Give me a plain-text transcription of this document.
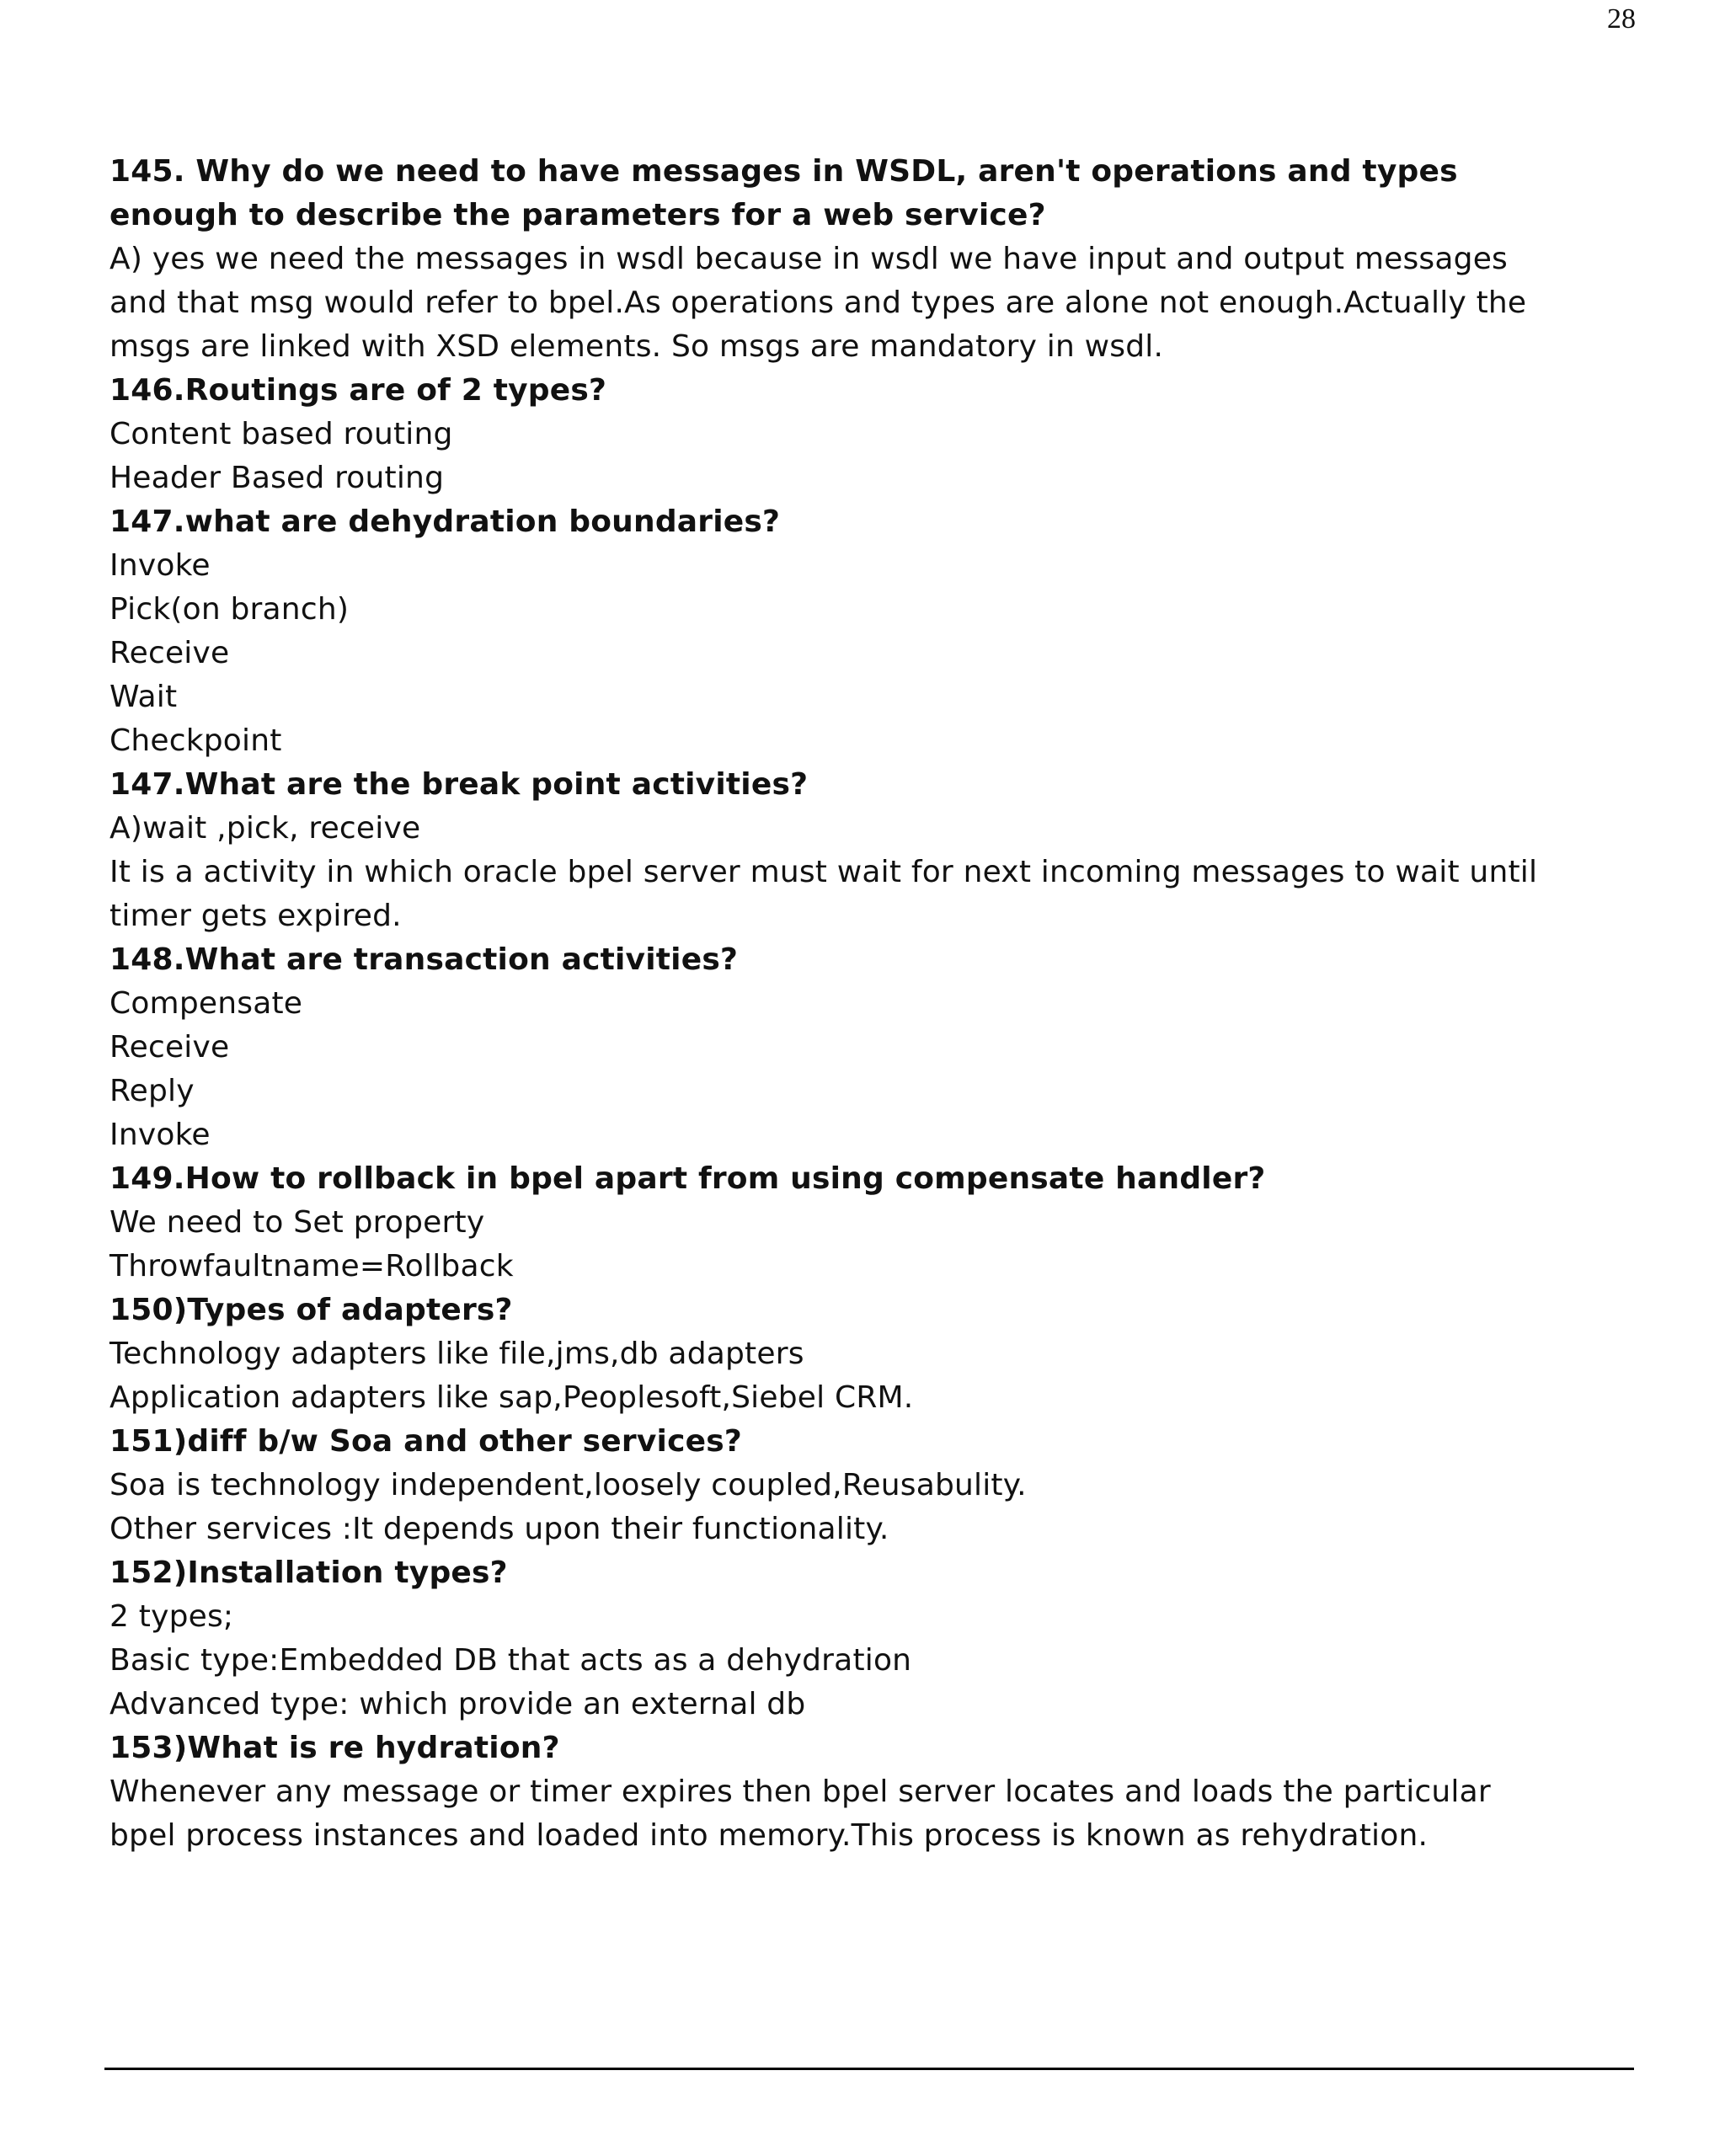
28
145. Why do we need to have messages in WSDL, aren't operations and types
enough to describe the parameters for a web service?
A) yes we need the messages in wsdl because in wsdl we have input and output messages
and that msg would refer to bpel.As operations and types are alone not enough.Actually the
msgs are linked with XSD elements. So msgs are mandatory in wsdl.
146.Routings are of 2 types?
Content based routing
Header Based routing
147.what are dehydration boundaries?
Invoke
Pick(on branch)
Receive
Wait
Checkpoint
147.What are the break point activities?
A)wait ,pick, receive
It is a activity in which oracle bpel server must wait for next incoming messages to wait until
timer gets expired.
148.What are transaction activities?
Compensate
Receive
Reply
Invoke
149.How to rollback in bpel apart from using compensate handler?
We need to Set property
Throwfaultname=Rollback
150)Types of adapters?
Technology adapters like file,jms,db adapters
Application adapters like sap,Peoplesoft,Siebel CRM.
151)diff b/w Soa and other services?
Soa is technology independent,loosely coupled,Reusabulity.
Other services :It depends upon their functionality.
152)Installation types?
2 types;
Basic type:Embedded DB that acts as a dehydration
Advanced type: which provide an external db
153)What is re hydration?
Whenever any message or timer expires then bpel server locates and loads the particular
bpel process instances and loaded into memory.This process is known as rehydration.
